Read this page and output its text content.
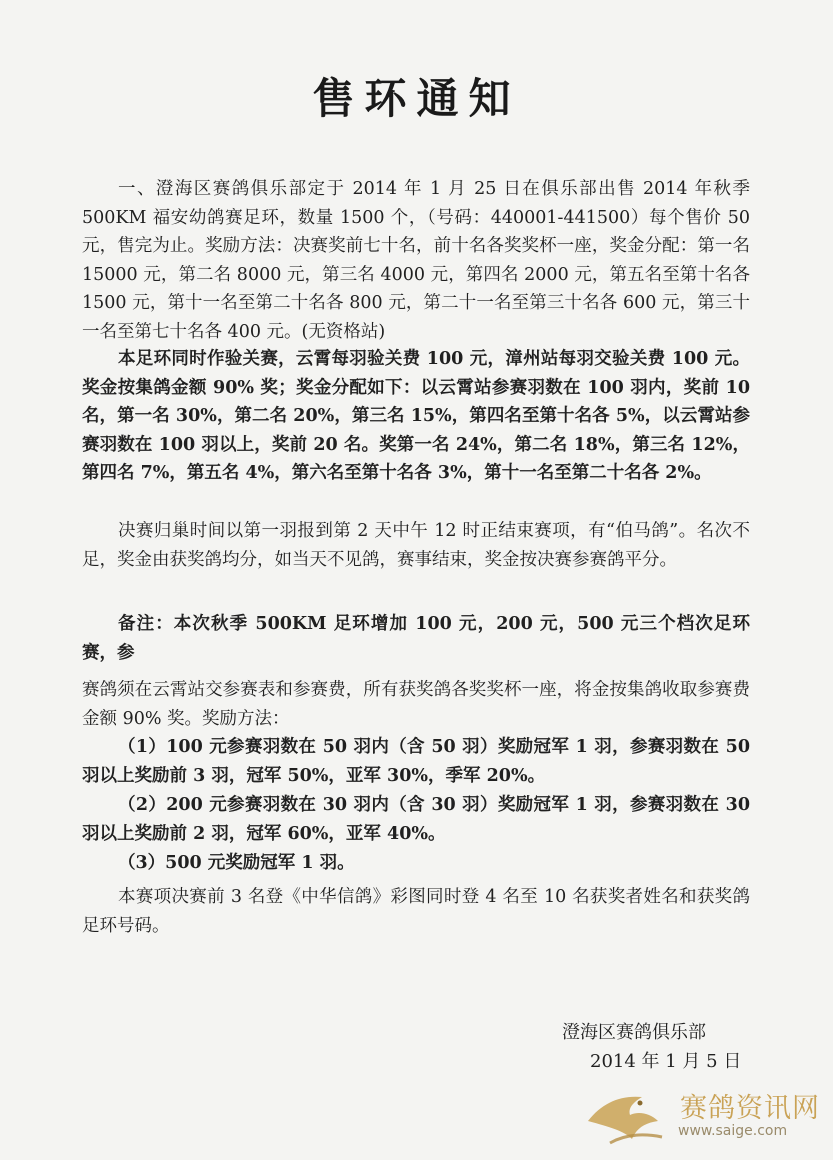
售环通知

一、澄海区赛鸽俱乐部定于 2014 年 1 月 25 日在俱乐部出售 2014 年秋季 500KM 福安幼鸽赛足环，数量 1500 个，（号码：440001-441500）每个售价 50 元，售完为止。奖励方法：决赛奖前七十名，前十名各奖奖杯一座，奖金分配：第一名 15000 元，第二名 8000 元，第三名 4000 元，第四名 2000 元，第五名至第十名各 1500 元，第十一名至第二十名各 800 元，第二十一名至第三十名各 600 元，第三十一名至第七十名各 400 元。(无资格站)

本足环同时作验关赛，云霄每羽验关费 100 元，漳州站每羽交验关费 100 元。奖金按集鸽金额 90% 奖；奖金分配如下：以云霄站参赛羽数在 100 羽内，奖前 10 名，第一名 30%，第二名 20%，第三名 15%，第四名至第十名各 5%，以云霄站参赛羽数在 100 羽以上，奖前 20 名。奖第一名 24%，第二名 18%，第三名 12%，第四名 7%，第五名 4%，第六名至第十名各 3%，第十一名至第二十名各 2%。

决赛归巢时间以第一羽报到第 2 天中午 12 时正结束赛项，有“伯马鸽”。名次不足，奖金由获奖鸽均分，如当天不见鸽，赛事结束，奖金按决赛参赛鸽平分。

备注：本次秋季 500KM 足环增加 100 元，200 元，500 元三个档次足环赛，参

赛鸽须在云霄站交参赛表和参赛费，所有获奖鸽各奖奖杯一座，将金按集鸽收取参赛费金额 90% 奖。奖励方法：

（1）100 元参赛羽数在 50 羽内（含 50 羽）奖励冠军 1 羽，参赛羽数在 50 羽以上奖励前 3 羽，冠军 50%，亚军 30%，季军 20%。

（2）200 元参赛羽数在 30 羽内（含 30 羽）奖励冠军 1 羽，参赛羽数在 30 羽以上奖励前 2 羽，冠军 60%，亚军 40%。

（3）500 元奖励冠军 1 羽。

本赛项决赛前 3 名登《中华信鸽》彩图同时登 4 名至 10 名获奖者姓名和获奖鸽足环号码。

澄海区赛鸽俱乐部
2014 年 1 月 5 日
赛鸽资讯网
www.saige.com
